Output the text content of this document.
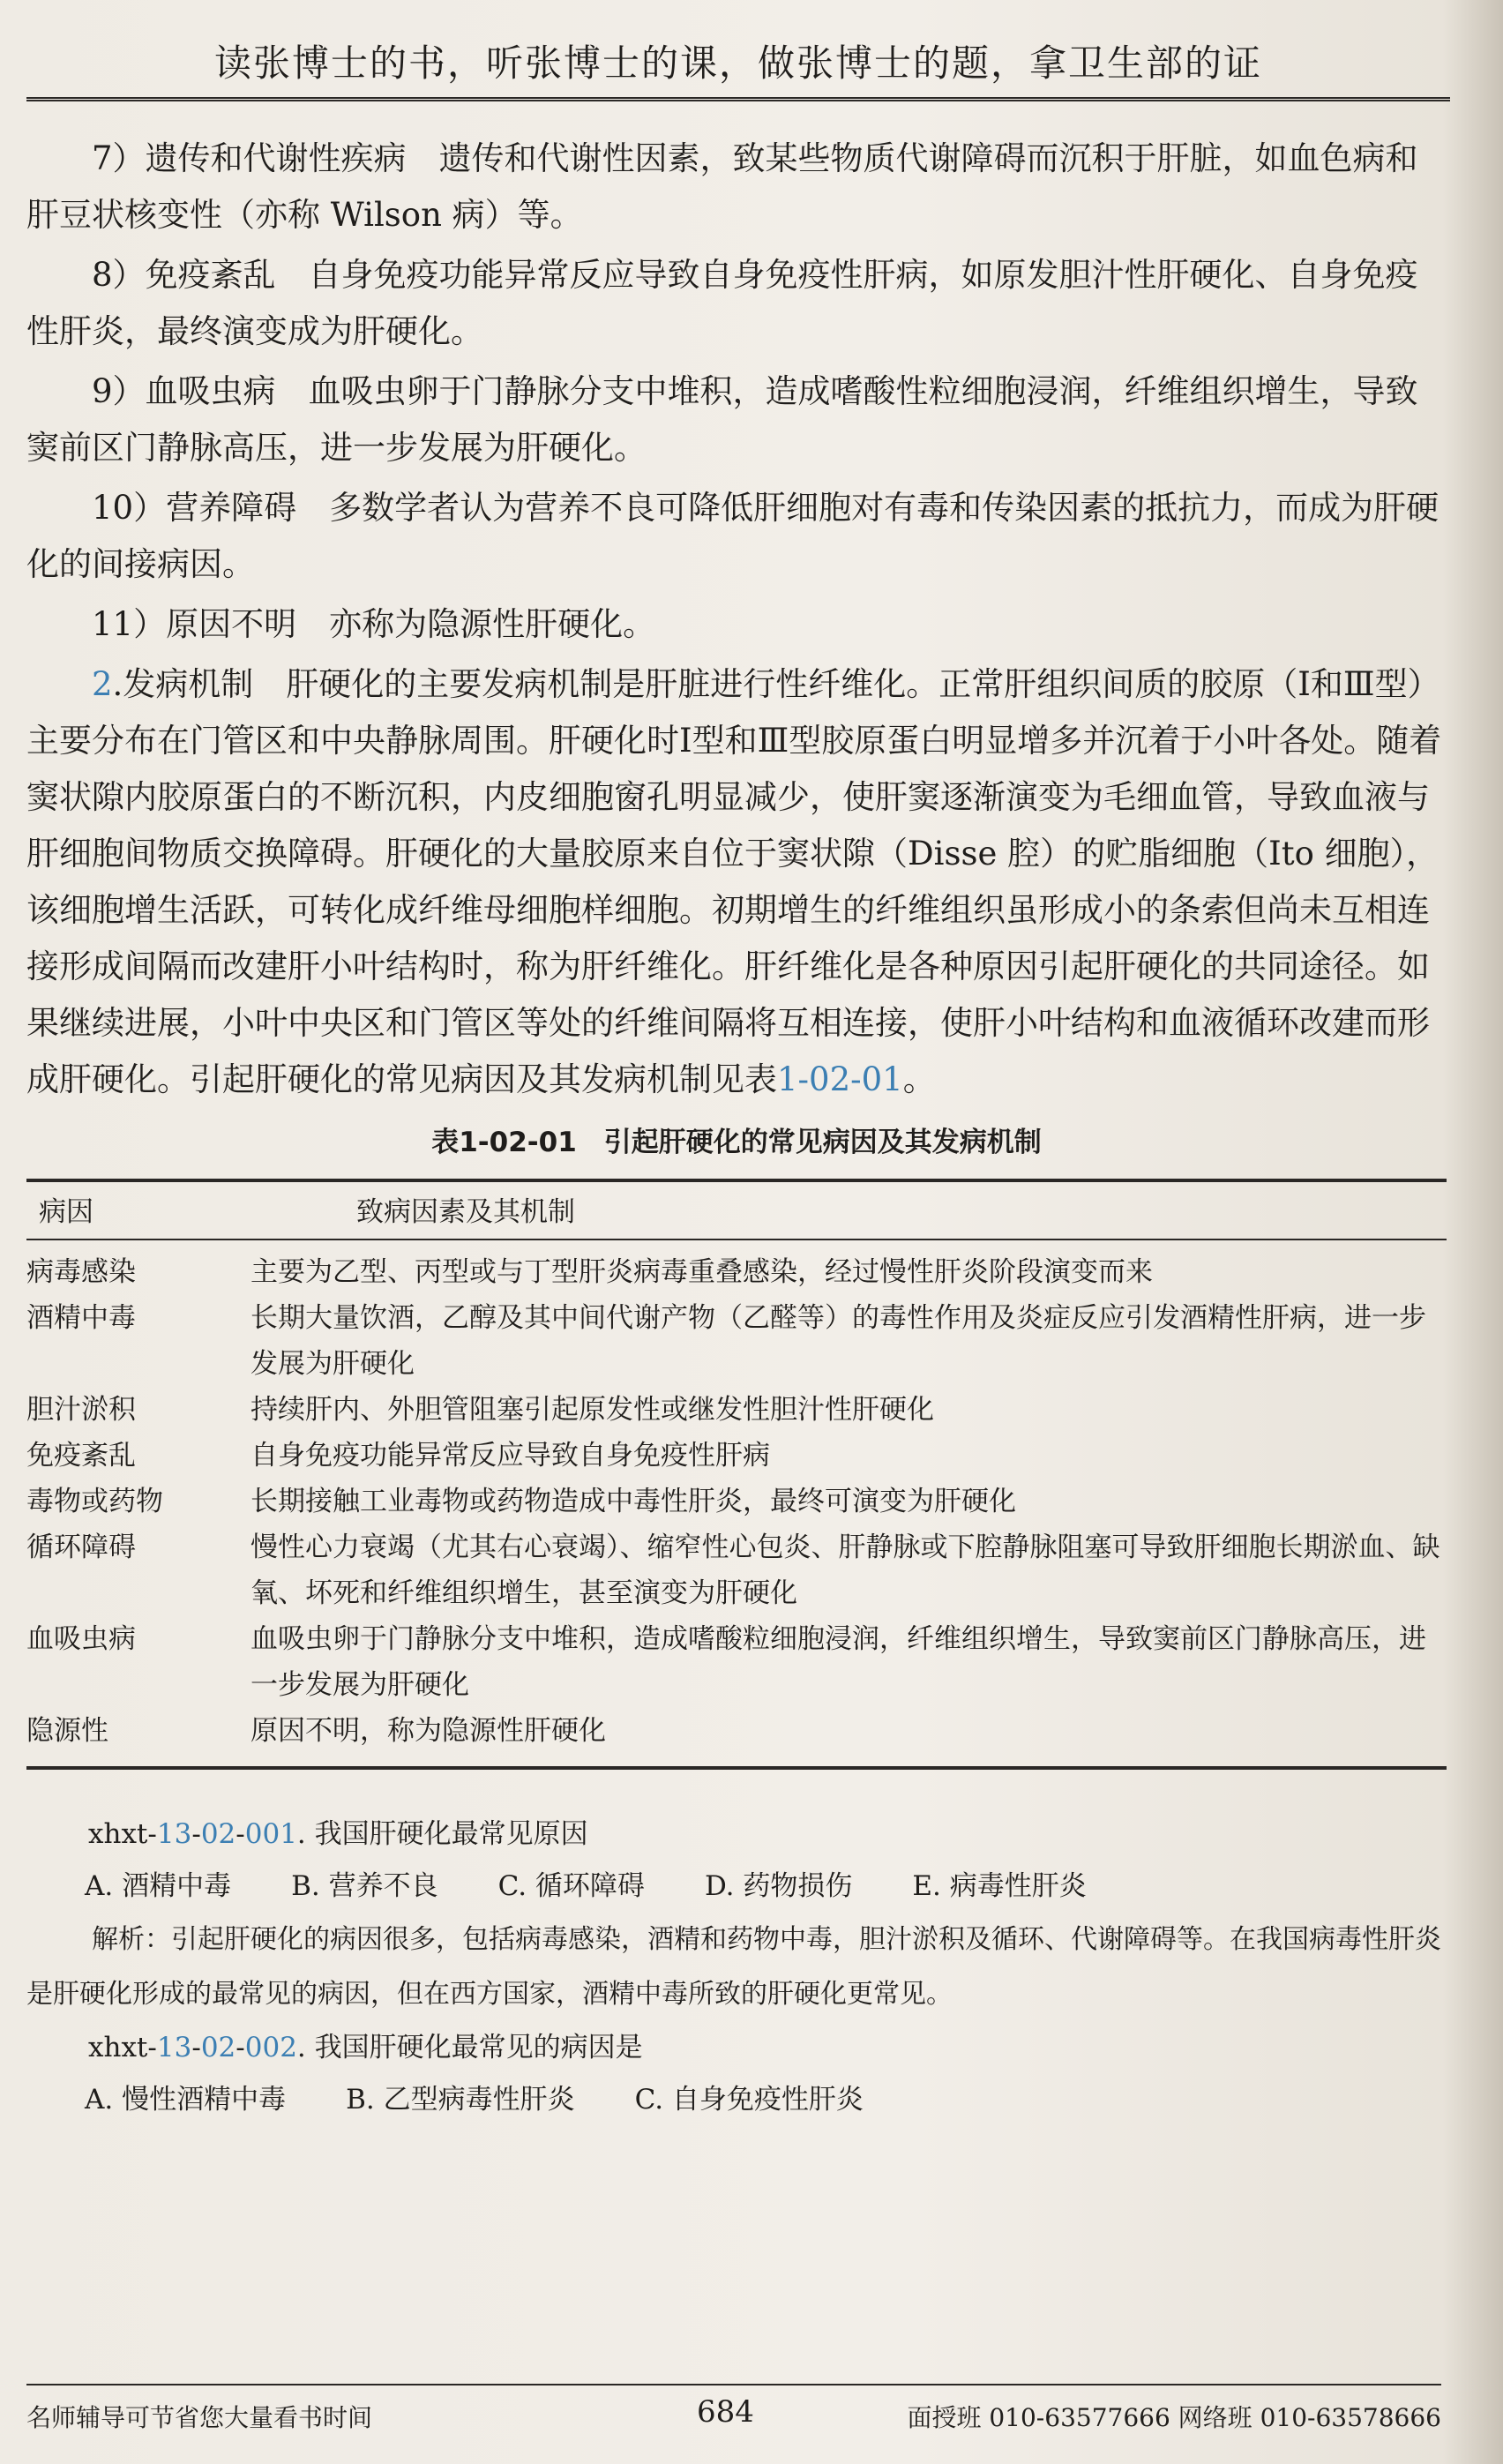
读张博士的书，听张博士的课，做张博士的题，拿卫生部的证

7）遗传和代谢性疾病　 遗传和代谢性因素，致某些物质代谢障碍而沉积于肝脏，如血色病和肝豆状核变性（亦称 Wilson 病）等。

8）免疫紊乱　 自身免疫功能异常反应导致自身免疫性肝病，如原发胆汁性肝硬化、自身免疫性肝炎，最终演变成为肝硬化。

9）血吸虫病　 血吸虫卵于门静脉分支中堆积，造成嗜酸性粒细胞浸润，纤维组织增生，导致窦前区门静脉高压，进一步发展为肝硬化。

10）营养障碍　 多数学者认为营养不良可降低肝细胞对有毒和传染因素的抵抗力，而成为肝硬化的间接病因。

11）原因不明　 亦称为隐源性肝硬化。

2.发病机制　 肝硬化的主要发病机制是肝脏进行性纤维化。正常肝组织间质的胶原（Ⅰ和Ⅲ型）主要分布在门管区和中央静脉周围。肝硬化时Ⅰ型和Ⅲ型胶原蛋白明显增多并沉着于小叶各处。随着窦状隙内胶原蛋白的不断沉积，内皮细胞窗孔明显减少，使肝窦逐渐演变为毛细血管，导致血液与肝细胞间物质交换障碍。肝硬化的大量胶原来自位于窦状隙（Disse 腔）的贮脂细胞（Ito 细胞），该细胞增生活跃，可转化成纤维母细胞样细胞。初期增生的纤维组织虽形成小的条索但尚未互相连接形成间隔而改建肝小叶结构时，称为肝纤维化。肝纤维化是各种原因引起肝硬化的共同途径。如果继续进展，小叶中央区和门管区等处的纤维间隔将互相连接，使肝小叶结构和血液循环改建而形成肝硬化。引起肝硬化的常见病因及其发病机制见表1-02-01。

表1-02-01　引起肝硬化的常见病因及其发病机制
病因	致病因素及其机制
病毒感染	主要为乙型、丙型或与丁型肝炎病毒重叠感染，经过慢性肝炎阶段演变而来
酒精中毒	长期大量饮酒，乙醇及其中间代谢产物（乙醛等）的毒性作用及炎症反应引发酒精性肝病，进一步发展为肝硬化
胆汁淤积	持续肝内、外胆管阻塞引起原发性或继发性胆汁性肝硬化
免疫紊乱	自身免疫功能异常反应导致自身免疫性肝病
毒物或药物	长期接触工业毒物或药物造成中毒性肝炎，最终可演变为肝硬化
循环障碍	慢性心力衰竭（尤其右心衰竭）、缩窄性心包炎、肝静脉或下腔静脉阻塞可导致肝细胞长期淤血、缺氧、坏死和纤维组织增生，甚至演变为肝硬化
血吸虫病	血吸虫卵于门静脉分支中堆积，造成嗜酸粒细胞浸润，纤维组织增生，导致窦前区门静脉高压，进一步发展为肝硬化
隐源性	原因不明，称为隐源性肝硬化

xhxt-13-02-001. 我国肝硬化最常见原因

A. 酒精中毒 B. 营养不良 C. 循环障碍 D. 药物损伤 E. 病毒性肝炎

解析：引起肝硬化的病因很多，包括病毒感染，酒精和药物中毒，胆汁淤积及循环、代谢障碍等。在我国病毒性肝炎是肝硬化形成的最常见的病因，但在西方国家，酒精中毒所致的肝硬化更常见。

xhxt-13-02-002. 我国肝硬化最常见的病因是

A. 慢性酒精中毒 B. 乙型病毒性肝炎 C. 自身免疫性肝炎
名师辅导可节省您大量看书时间	684	面授班 010-63577666 网络班 010-63578666
